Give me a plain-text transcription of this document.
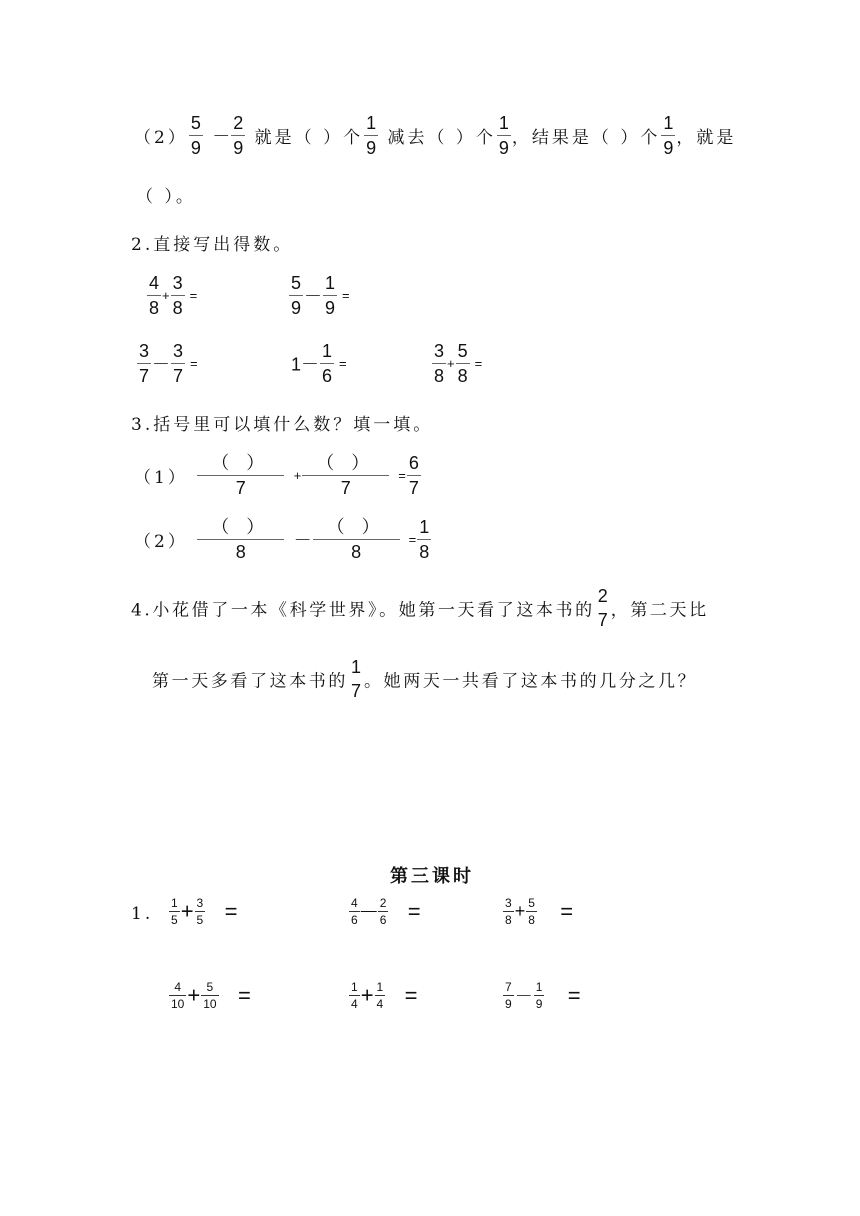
$(2) \frac{5}{9} - \frac{2}{9}$ 就是（ ）个 $\frac{1}{9}$ 减去（ ）个 $\frac{1}{9}$ ，结果是（ ）个 $\frac{1}{9}$ ，就是
（ ）。
2.直接写出得数。
$\frac{4}{8} + \frac{3}{8}$ =	$\frac{5}{9} - \frac{1}{9}$ =
$\frac{3}{7} - \frac{3}{7}$ =	$1- \frac{1}{6}$ =	$\frac{3}{8} + \frac{5}{8}$ =
3.括号里可以填什么数？填一填。
$(1) \frac{( )}{7} + \frac{( )}{7} = \frac{6}{7}$
$(2) \frac{( )}{8} - \frac{( )}{8} = \frac{1}{8}$
4.小花借了一本《科学世界》。她第一天看了这本书的
2
7 ，第二天比
第一天多看了这本书的
1
7 。她两天一共看了这本书的几分之几？
第三课时
1. $\frac{1}{5} + \frac{3}{5}$ =	$\frac{4}{6}$ — $\frac{2}{6}$ =	$\frac{3}{8} + \frac{5}{8}$ =
$\frac{4}{10} + \frac{5}{10}$ =	$\frac{1}{4} + \frac{1}{4}$ =	$\frac{7}{9} - \frac{1}{9}$ =
